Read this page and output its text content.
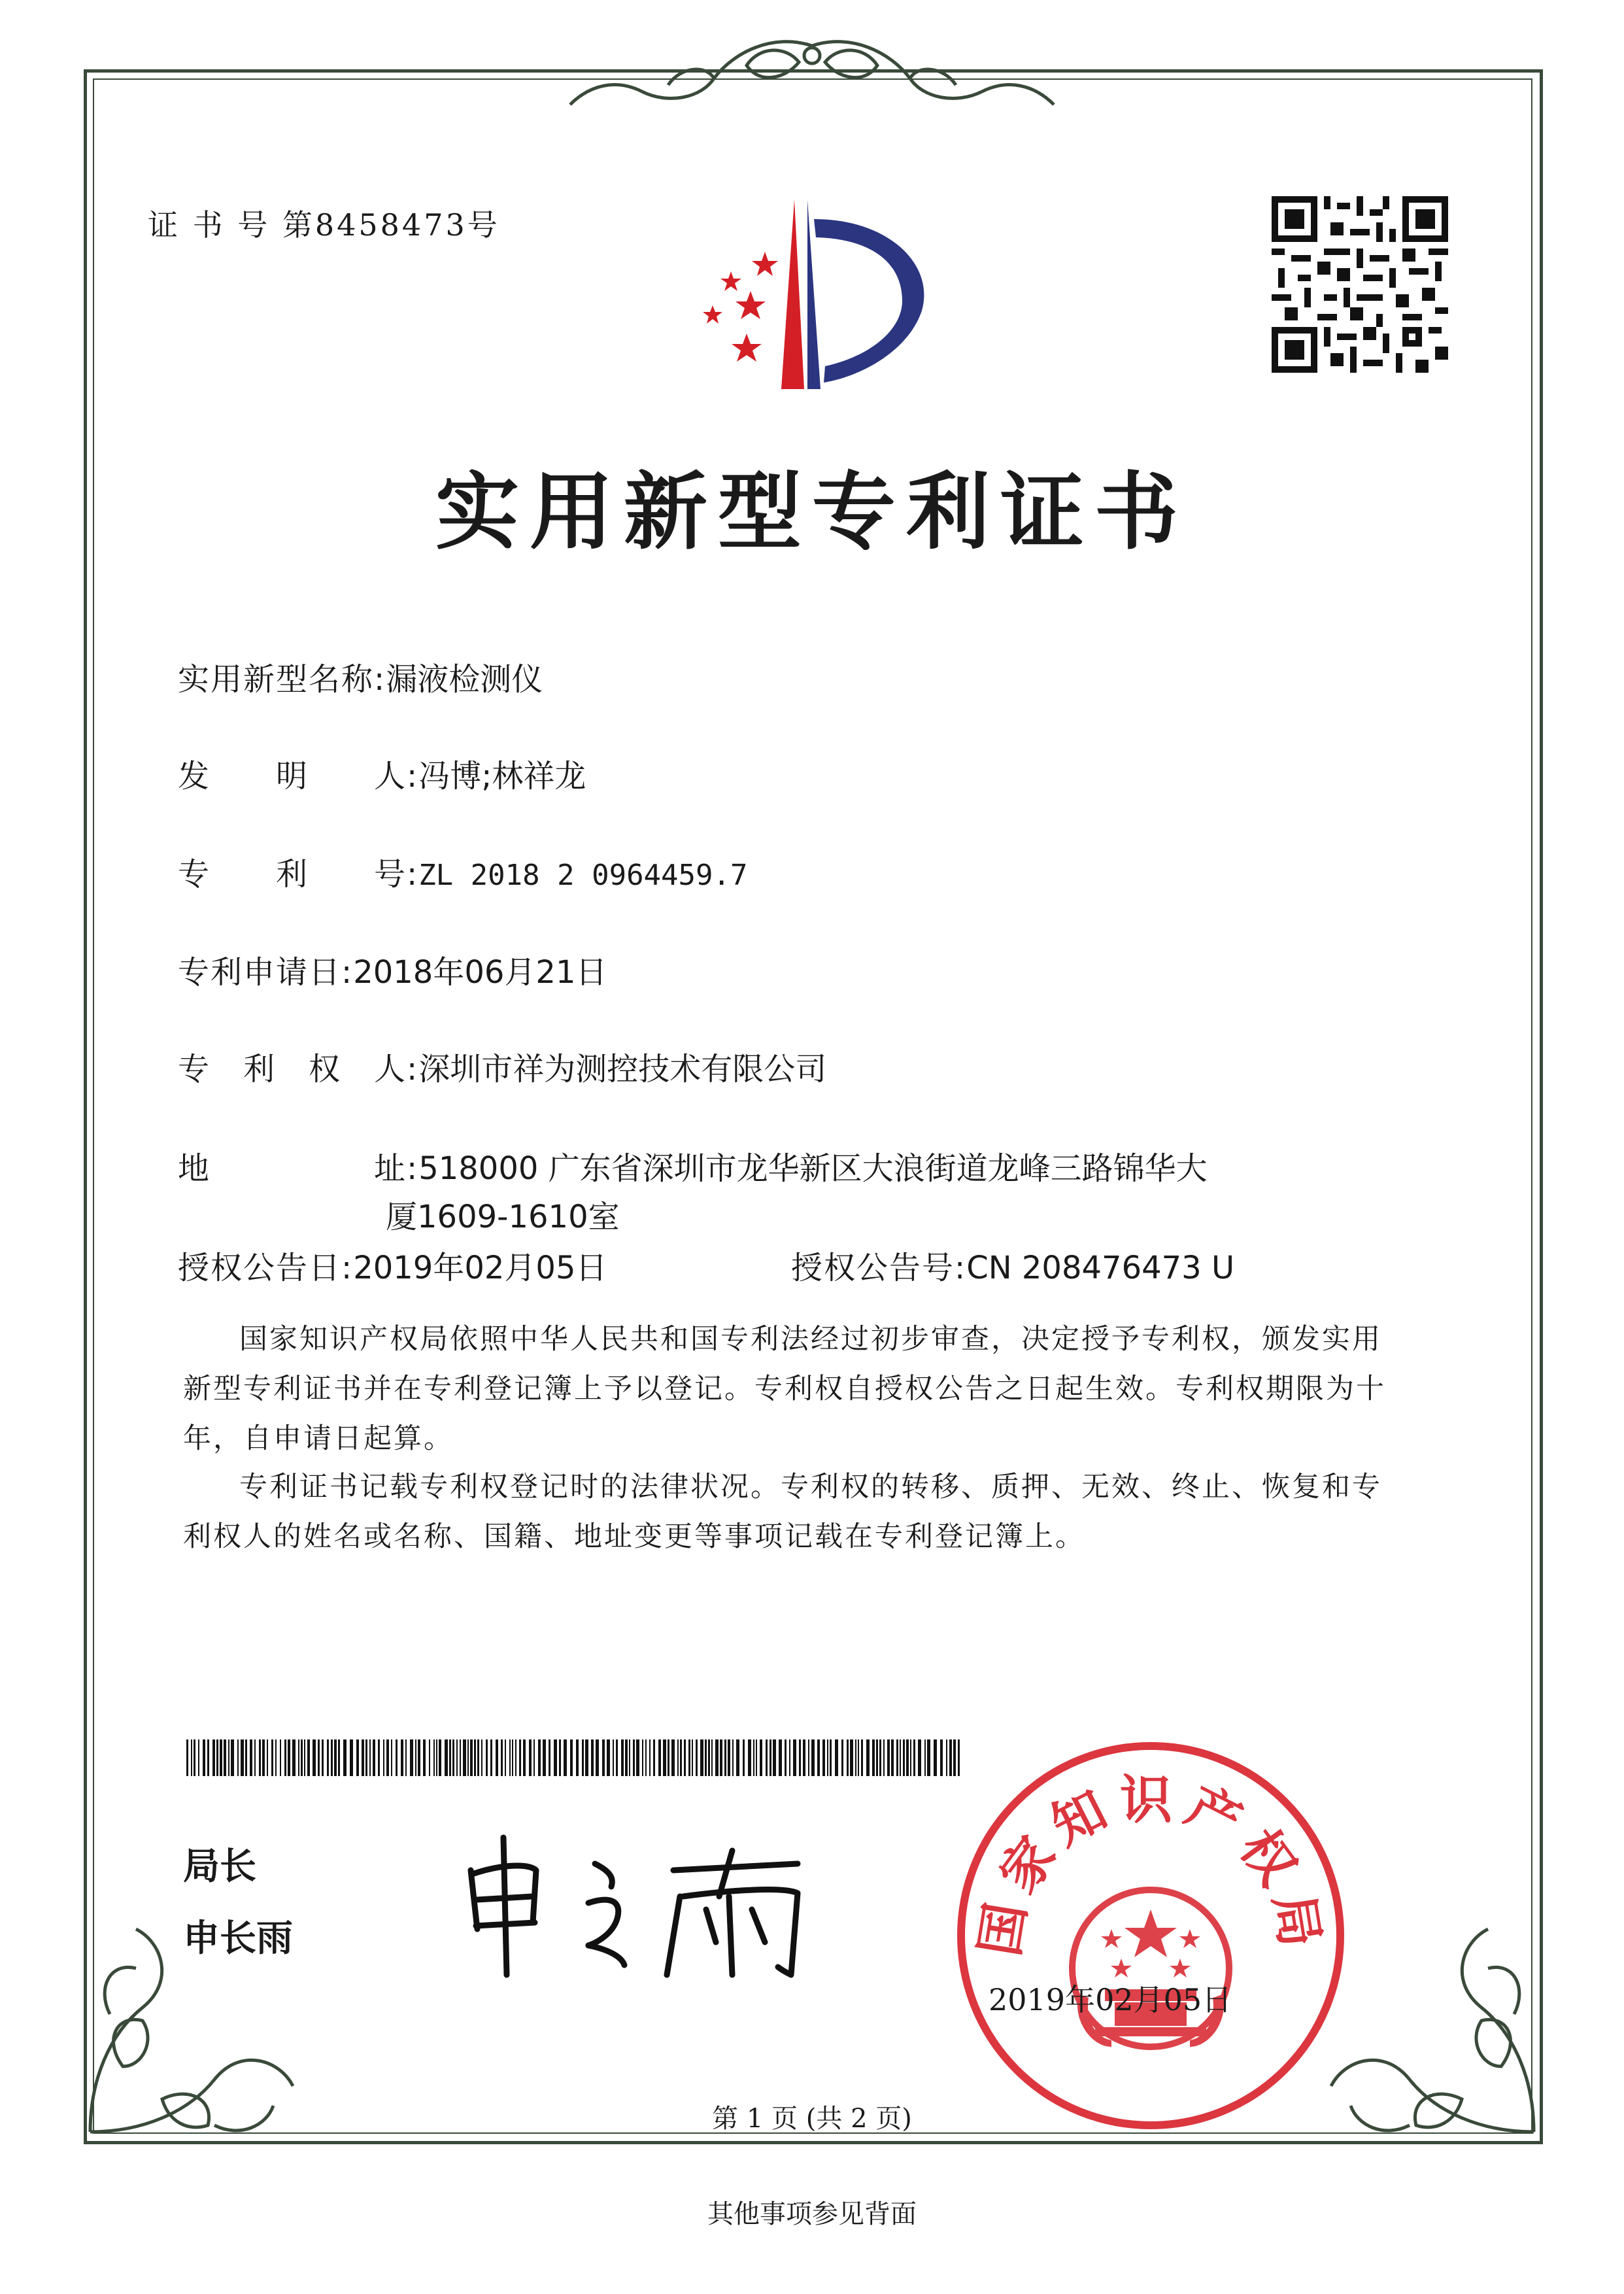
证 书 号 第8458473号
实用新型专利证书
实用新型名称:漏液检测仪
发　　明　　人:冯博;林祥龙
专　　利　　号:ZL 2018 2 0964459.7
专利申请日:2018年06月21日
专　利　权　人:深圳市祥为测控技术有限公司
地　　　　　址:518000 广东省深圳市龙华新区大浪街道龙峰三路锦华大
厦1609-1610室
授权公告日:2019年02月05日	授权公告号:CN 208476473 U
国家知识产权局依照中华人民共和国专利法经过初步审查，决定授予专利权，颁发实用
新型专利证书并在专利登记簿上予以登记。专利权自授权公告之日起生效。专利权期限为十
年，自申请日起算。
专利证书记载专利权登记时的法律状况。专利权的转移、质押、无效、终止、恢复和专
利权人的姓名或名称、国籍、地址变更等事项记载在专利登记簿上。
局长
申长雨	国家知识产权局
2019年02月05日
第 1 页 (共 2 页)
其他事项参见背面
